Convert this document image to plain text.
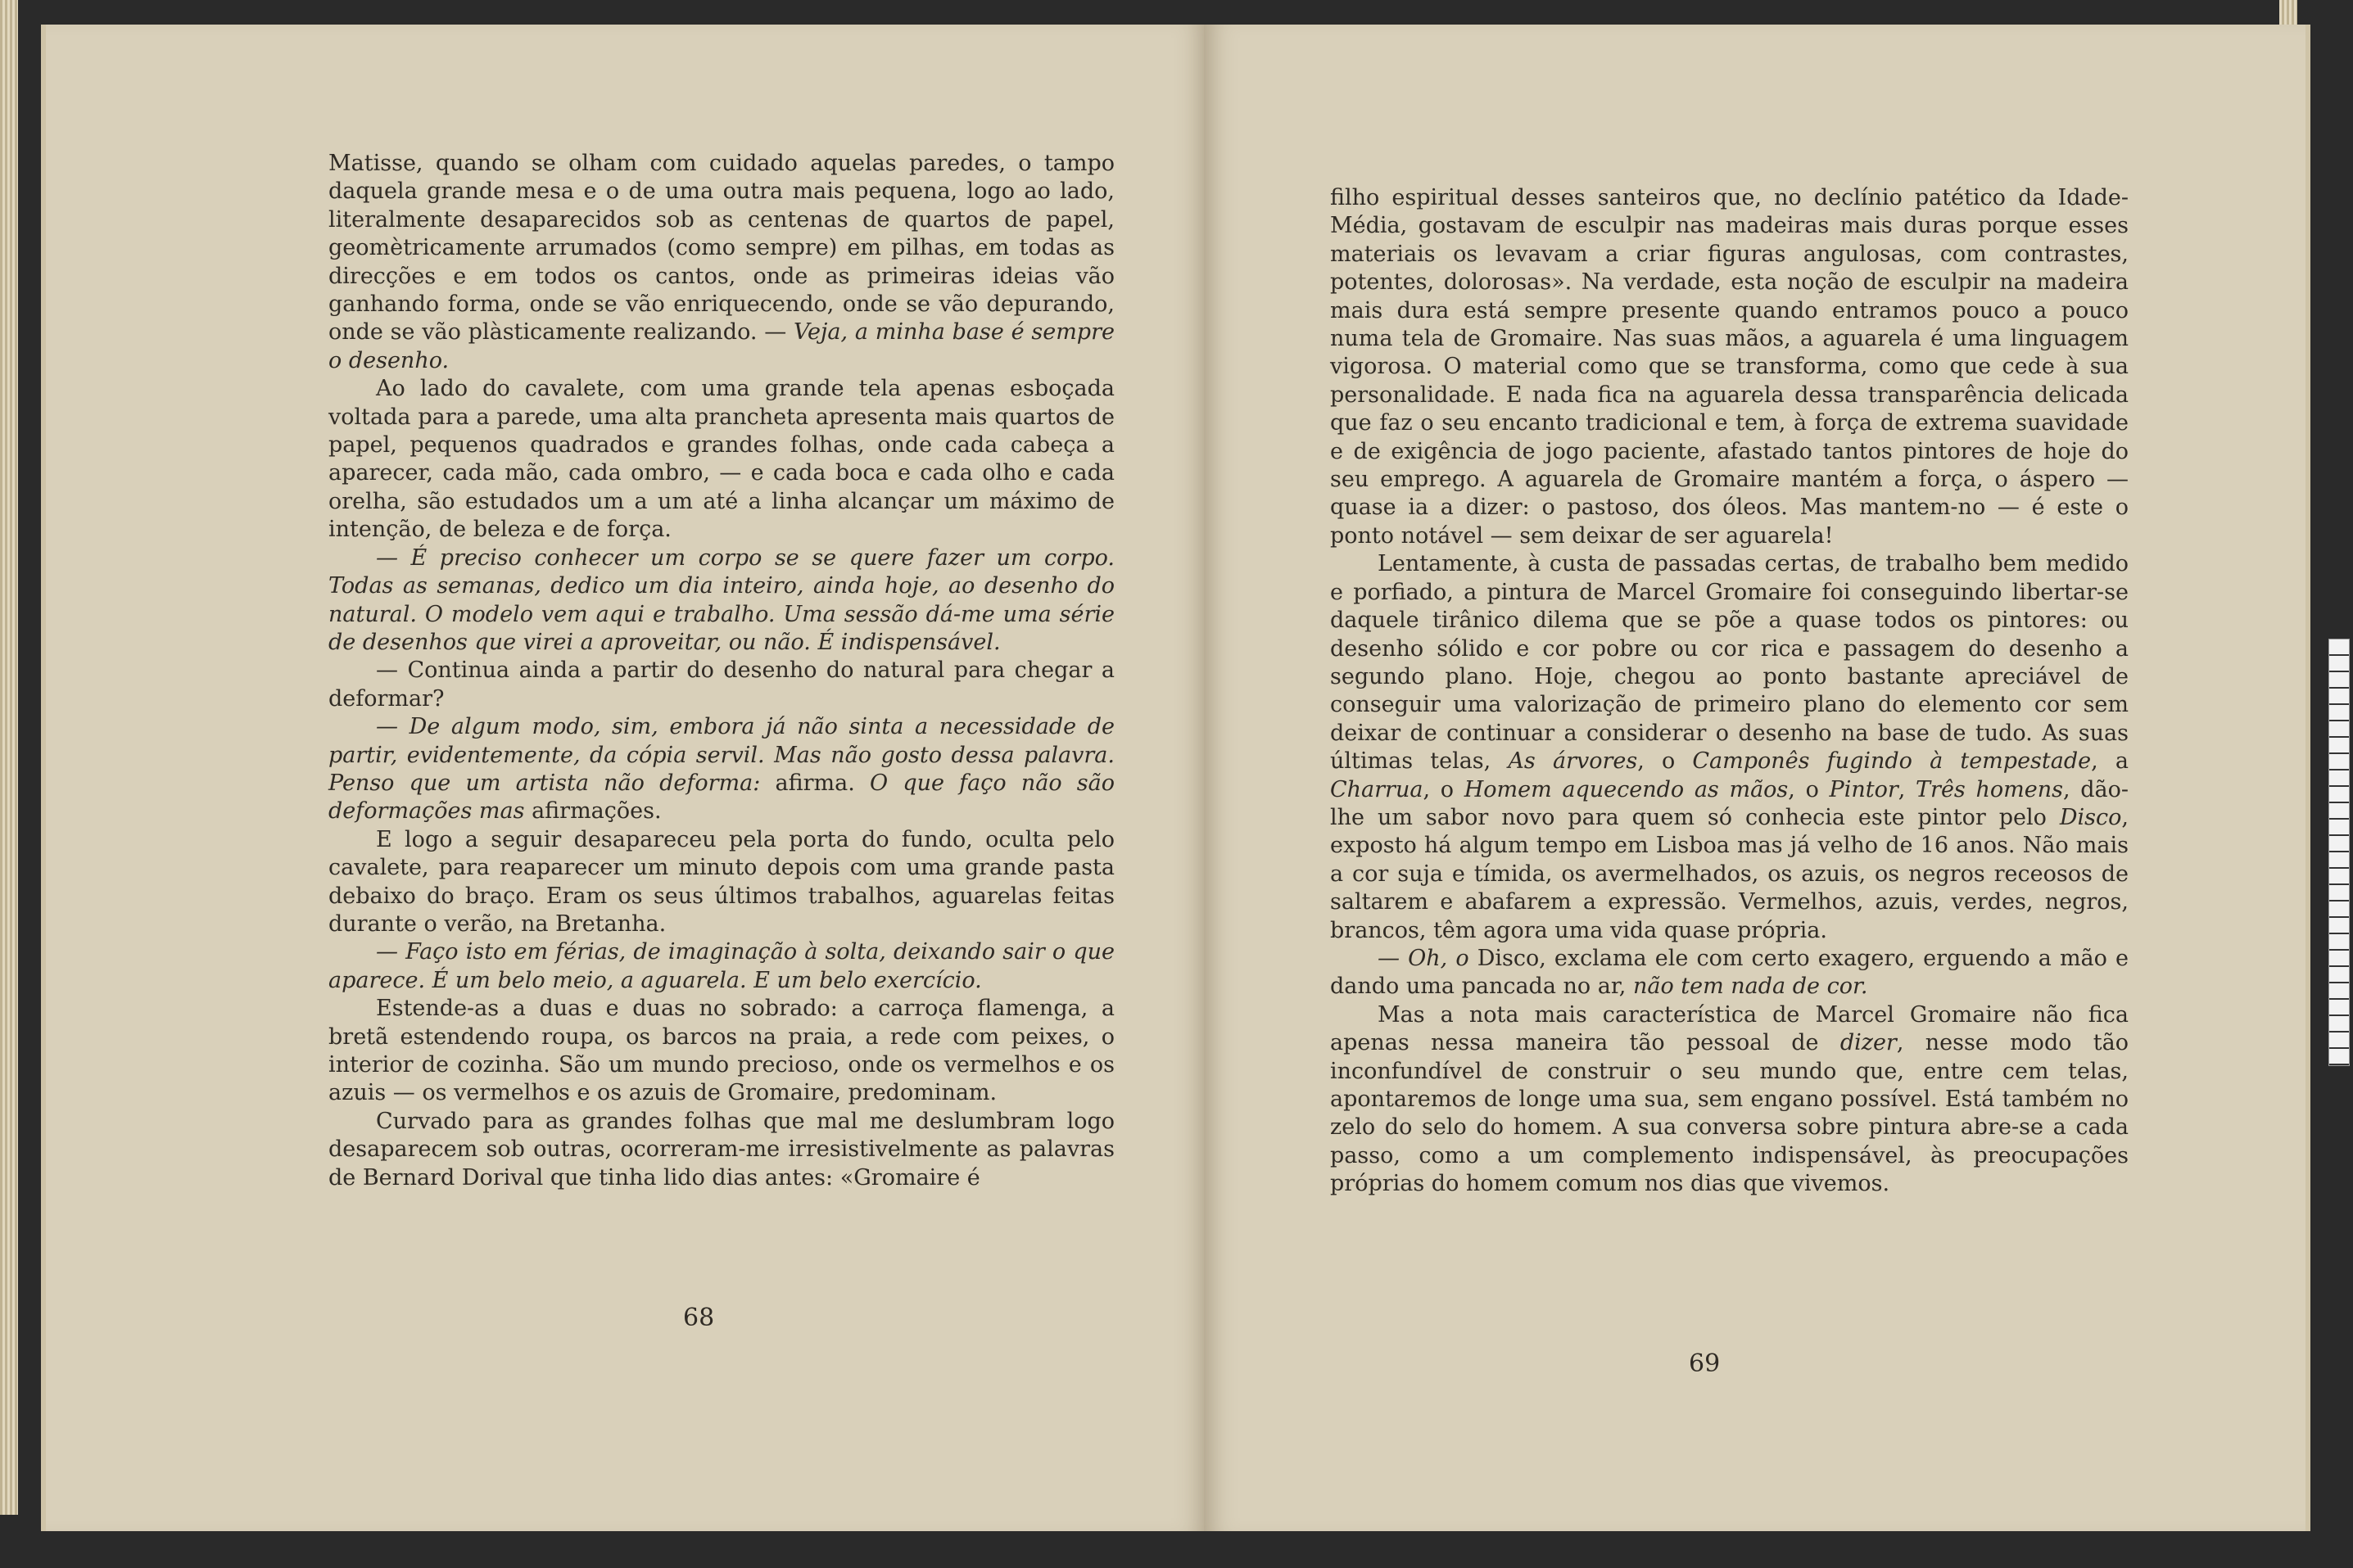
Matisse, quando se olham com cuidado aquelas paredes, o tampo daquela grande mesa e o de uma outra mais pequena, logo ao lado, literalmente desaparecidos sob as centenas de quartos de papel, geomètricamente arrumados (como sempre) em pilhas, em todas as direcções e em todos os cantos, onde as primeiras ideias vão ganhando forma, onde se vão enriquecendo, onde se vão depurando, onde se vão plàsticamente realizando. — Veja, a minha base é sempre o desenho.

Ao lado do cavalete, com uma grande tela apenas esboçada voltada para a parede, uma alta prancheta apresenta mais quartos de papel, pequenos quadrados e grandes folhas, onde cada cabeça a aparecer, cada mão, cada ombro, — e cada boca e cada olho e cada orelha, são estudados um a um até a linha alcançar um máximo de intenção, de beleza e de força.

— É preciso conhecer um corpo se se quere fazer um corpo. Todas as semanas, dedico um dia inteiro, ainda hoje, ao desenho do natural. O modelo vem aqui e trabalho. Uma sessão dá-me uma série de desenhos que virei a aproveitar, ou não. É indispensável.

— Continua ainda a partir do desenho do natural para chegar a deformar?

— De algum modo, sim, embora já não sinta a necessidade de partir, evidentemente, da cópia servil. Mas não gosto dessa palavra. Penso que um artista não deforma: afirma. O que faço não são deformações mas afirmações.

E logo a seguir desapareceu pela porta do fundo, oculta pelo cavalete, para reaparecer um minuto depois com uma grande pasta debaixo do braço. Eram os seus últimos trabalhos, aguarelas feitas durante o verão, na Bretanha.

— Faço isto em férias, de imaginação à solta, deixando sair o que aparece. É um belo meio, a aguarela. E um belo exercício.

Estende-as a duas e duas no sobrado: a carroça flamenga, a bretã estendendo roupa, os barcos na praia, a rede com peixes, o interior de cozinha. São um mundo precioso, onde os vermelhos e os azuis — os vermelhos e os azuis de Gromaire, predominam.

Curvado para as grandes folhas que mal me deslumbram logo desaparecem sob outras, ocorreram-me irresistivelmente as palavras de Bernard Dorival que tinha lido dias antes: «Gromaire é

68

filho espiritual desses santeiros que, no declínio patético da Idade-Média, gostavam de esculpir nas madeiras mais duras porque esses materiais os levavam a criar figuras angulosas, com contrastes, potentes, dolorosas». Na verdade, esta noção de esculpir na madeira mais dura está sempre presente quando entramos pouco a pouco numa tela de Gromaire. Nas suas mãos, a aguarela é uma linguagem vigorosa. O material como que se transforma, como que cede à sua personalidade. E nada fica na aguarela dessa transparência delicada que faz o seu encanto tradicional e tem, à força de extrema suavidade e de exigência de jogo paciente, afastado tantos pintores de hoje do seu emprego. A aguarela de Gromaire mantém a força, o áspero — quase ia a dizer: o pastoso, dos óleos. Mas mantem-no — é este o ponto notável — sem deixar de ser aguarela!

Lentamente, à custa de passadas certas, de trabalho bem medido e porfiado, a pintura de Marcel Gromaire foi conseguindo libertar-se daquele tirânico dilema que se põe a quase todos os pintores: ou desenho sólido e cor pobre ou cor rica e passagem do desenho a segundo plano. Hoje, chegou ao ponto bastante apreciável de conseguir uma valorização de primeiro plano do elemento cor sem deixar de continuar a considerar o desenho na base de tudo. As suas últimas telas, As árvores, o Camponês fugindo à tempestade, a Charrua, o Homem aquecendo as mãos, o Pintor, Três homens, dão-lhe um sabor novo para quem só conhecia este pintor pelo Disco, exposto há algum tempo em Lisboa mas já velho de 16 anos. Não mais a cor suja e tímida, os avermelhados, os azuis, os negros receosos de saltarem e abafarem a expressão. Vermelhos, azuis, verdes, negros, brancos, têm agora uma vida quase própria.

— Oh, o Disco, exclama ele com certo exagero, erguendo a mão e dando uma pancada no ar, não tem nada de cor.

Mas a nota mais característica de Marcel Gromaire não fica apenas nessa maneira tão pessoal de dizer, nesse modo tão inconfundível de construir o seu mundo que, entre cem telas, apontaremos de longe uma sua, sem engano possível. Está também no zelo do selo do homem. A sua conversa sobre pintura abre-se a cada passo, como a um complemento indispensável, às preocupações próprias do homem comum nos dias que vivemos.

69
